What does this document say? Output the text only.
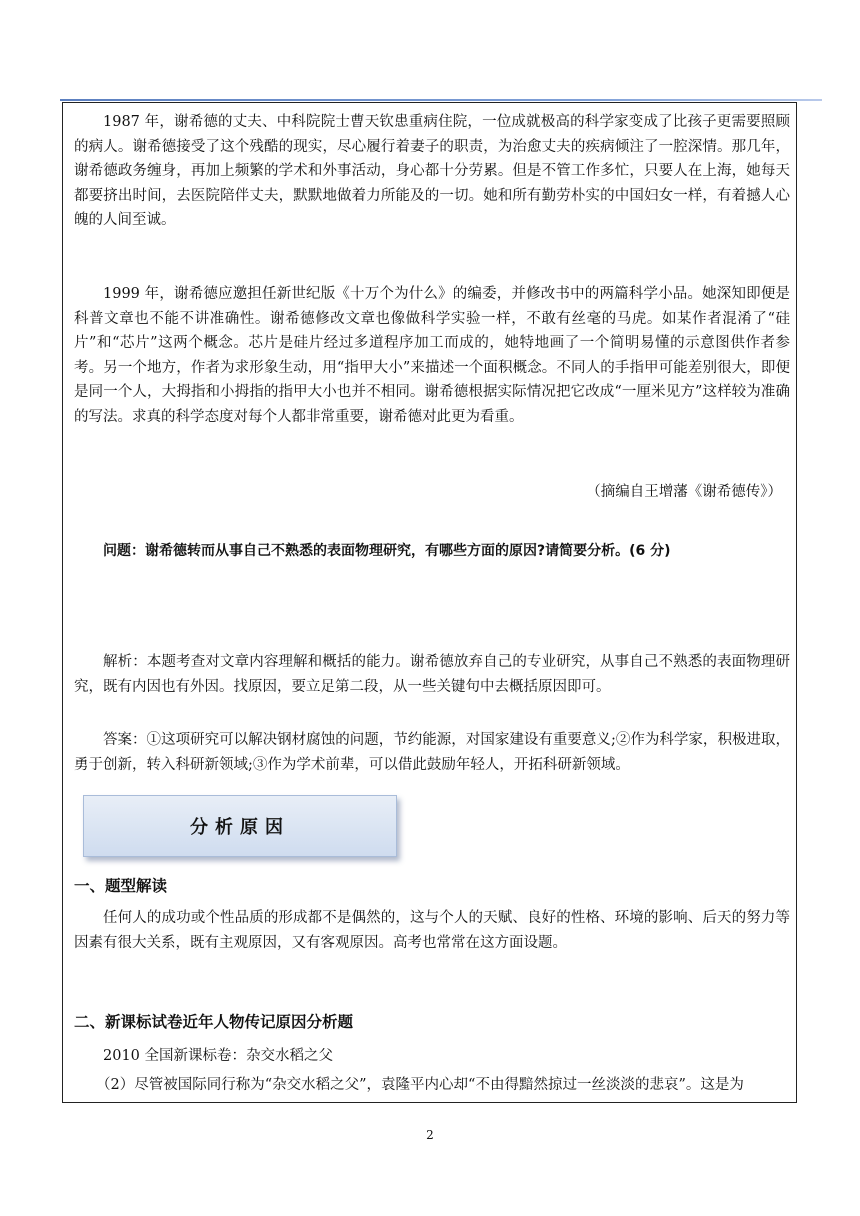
1987 年，谢希德的丈夫、中科院院士曹天钦患重病住院，一位成就极高的科学家变成了比孩子更需要照顾的病人。谢希德接受了这个残酷的现实，尽心履行着妻子的职责，为治愈丈夫的疾病倾注了一腔深情。那几年，谢希德政务缠身，再加上频繁的学术和外事活动，身心都十分劳累。但是不管工作多忙，只要人在上海，她每天都要挤出时间，去医院陪伴丈夫，默默地做着力所能及的一切。她和所有勤劳朴实的中国妇女一样，有着撼人心魄的人间至诚。
1999 年，谢希德应邀担任新世纪版《十万个为什么》的编委，并修改书中的两篇科学小品。她深知即便是科普文章也不能不讲准确性。谢希德修改文章也像做科学实验一样，不敢有丝毫的马虎。如某作者混淆了“硅片”和“芯片”这两个概念。芯片是硅片经过多道程序加工而成的，她特地画了一个简明易懂的示意图供作者参考。另一个地方，作者为求形象生动，用“指甲大小”来描述一个面积概念。不同人的手指甲可能差别很大，即便是同一个人，大拇指和小拇指的指甲大小也并不相同。谢希德根据实际情况把它改成“一厘米见方”这样较为准确的写法。求真的科学态度对每个人都非常重要，谢希德对此更为看重。
（摘编自王增藩《谢希德传》）
问题：谢希德转而从事自己不熟悉的表面物理研究，有哪些方面的原因?请简要分析。(6 分)
解析：本题考查对文章内容理解和概括的能力。谢希德放弃自己的专业研究，从事自己不熟悉的表面物理研究，既有内因也有外因。找原因，要立足第二段，从一些关键句中去概括原因即可。
答案：①这项研究可以解决钢材腐蚀的问题，节约能源，对国家建设有重要意义;②作为科学家，积极进取，勇于创新，转入科研新领域;③作为学术前辈，可以借此鼓励年轻人，开拓科研新领域。
分析原因
一、题型解读
任何人的成功或个性品质的形成都不是偶然的，这与个人的天赋、良好的性格、环境的影响、后天的努力等因素有很大关系，既有主观原因，又有客观原因。高考也常常在这方面设题。
二、新课标试卷近年人物传记原因分析题
2010 全国新课标卷：杂交水稻之父
（2）尽管被国际同行称为“杂交水稻之父”，袁隆平内心却“不由得黯然掠过一丝淡淡的悲哀”。这是为
2
